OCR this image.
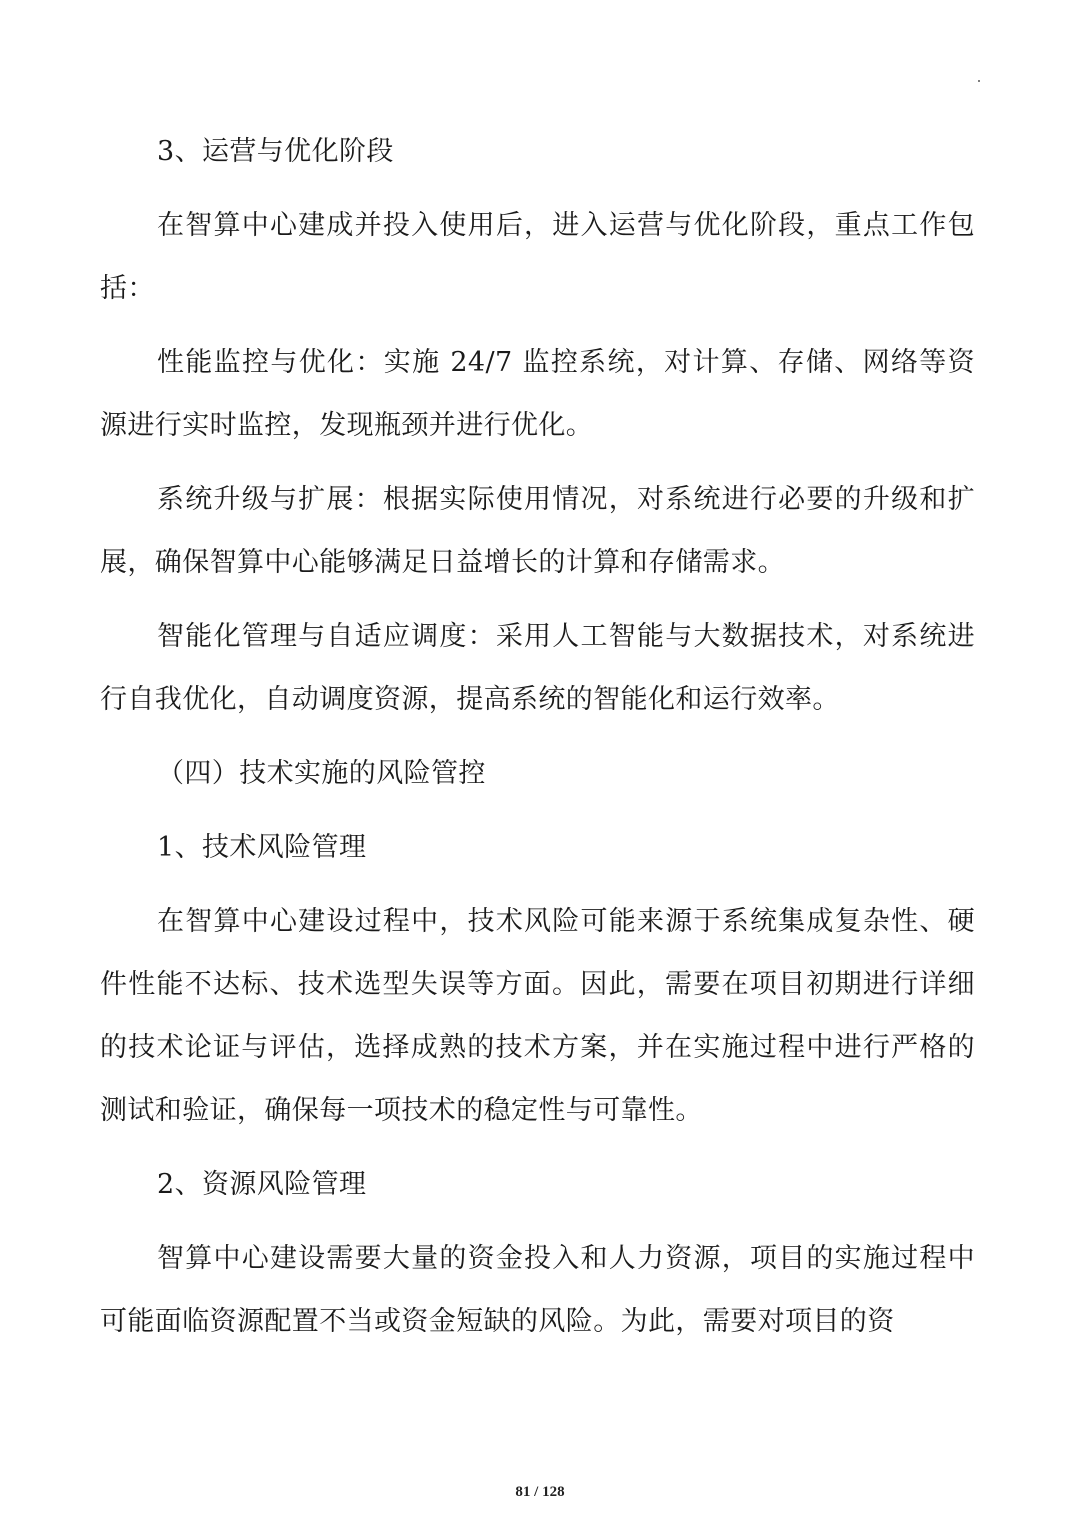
3、运营与优化阶段

在智算中心建成并投入使用后，进入运营与优化阶段，重点工作包括：

性能监控与优化：实施 24/7 监控系统，对计算、存储、网络等资源进行实时监控，发现瓶颈并进行优化。

系统升级与扩展：根据实际使用情况，对系统进行必要的升级和扩展，确保智算中心能够满足日益增长的计算和存储需求。

智能化管理与自适应调度：采用人工智能与大数据技术，对系统进行自我优化，自动调度资源，提高系统的智能化和运行效率。

（四）技术实施的风险管控

1、技术风险管理

在智算中心建设过程中，技术风险可能来源于系统集成复杂性、硬件性能不达标、技术选型失误等方面。因此，需要在项目初期进行详细的技术论证与评估，选择成熟的技术方案，并在实施过程中进行严格的测试和验证，确保每一项技术的稳定性与可靠性。

2、资源风险管理

智算中心建设需要大量的资金投入和人力资源，项目的实施过程中可能面临资源配置不当或资金短缺的风险。为此，需要对项目的资

81 / 128
